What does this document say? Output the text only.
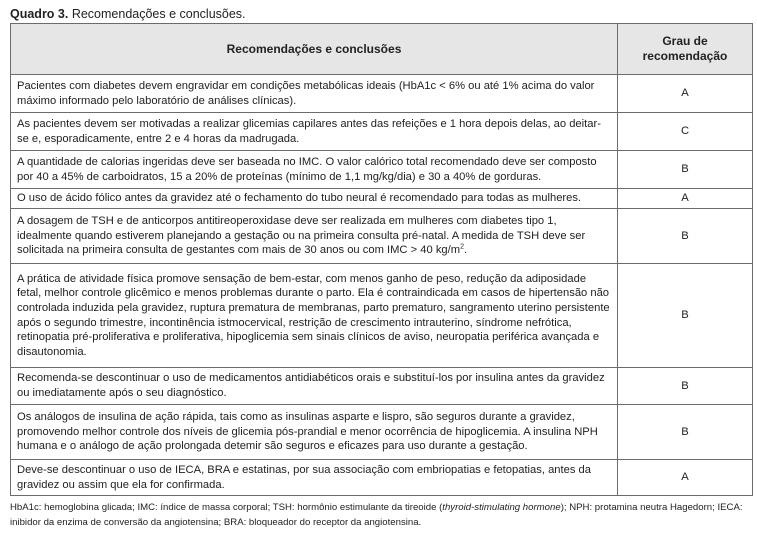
Quadro 3. Recomendações e conclusões.
Recomendações e conclusões	Grau de
recomendação
Pacientes com diabetes devem engravidar em condições metabólicas ideais (HbA1c < 6% ou até 1% acima do valor máximo informado pelo laboratório de análises clínicas).	A
As pacientes devem ser motivadas a realizar glicemias capilares antes das refeições e 1 hora depois delas, ao deitar-se e, esporadicamente, entre 2 e 4 horas da madrugada.	C
A quantidade de calorias ingeridas deve ser baseada no IMC. O valor calórico total recomendado deve ser composto por 40 a 45% de carboidratos, 15 a 20% de proteínas (mínimo de 1,1 mg/kg/dia) e 30 a 40% de gorduras.	B
O uso de ácido fólico antes da gravidez até o fechamento do tubo neural é recomendado para todas as mulheres.	A
A dosagem de TSH e de anticorpos antitireoperoxidase deve ser realizada em mulheres com diabetes tipo 1, idealmente quando estiverem planejando a gestação ou na primeira consulta pré-natal. A medida de TSH deve ser solicitada na primeira consulta de gestantes com mais de 30 anos ou com IMC > 40 $kg/m^2$.	B
A prática de atividade física promove sensação de bem-estar, com menos ganho de peso, redução da adiposidade fetal, melhor controle glicêmico e menos problemas durante o parto. Ela é contraindicada em casos de hipertensão não controlada induzida pela gravidez, ruptura prematura de membranas, parto prematuro, sangramento uterino persistente após o segundo trimestre, incontinência istmocervical, restrição de crescimento intrauterino, síndrome nefrótica, retinopatia pré-proliferativa e proliferativa, hipoglicemia sem sinais clínicos de aviso, neuropatia periférica avançada e disautonomia.	B
Recomenda-se descontinuar o uso de medicamentos antidiabéticos orais e substituí-los por insulina antes da gravidez ou imediatamente após o seu diagnóstico.	B
Os análogos de insulina de ação rápida, tais como as insulinas asparte e lispro, são seguros durante a gravidez, promovendo melhor controle dos níveis de glicemia pós-prandial e menor ocorrência de hipoglicemia. A insulina NPH humana e o análogo de ação prolongada detemir são seguros e eficazes para uso durante a gestação.	B
Deve-se descontinuar o uso de IECA, BRA e estatinas, por sua associação com embriopatias e fetopatias, antes da gravidez ou assim que ela for confirmada.	A
HbA1c: hemoglobina glicada; IMC: índice de massa corporal; TSH: hormônio estimulante da tireoide (thyroid-stimulating hormone); NPH: protamina neutra Hagedorn; IECA: inibidor da enzima de conversão da angiotensina; BRA: bloqueador do receptor da angiotensina.
